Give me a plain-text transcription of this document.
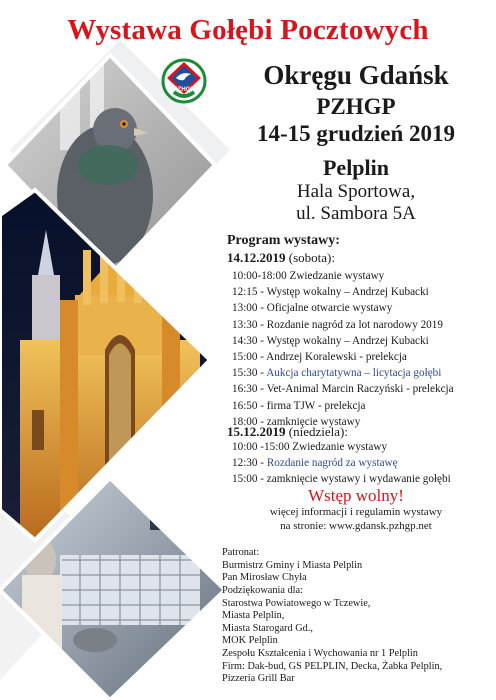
Wystawa Gołębi Pocztowych
PZHGP	Okręgu Gdańsk
PZHGP
14-15 grudzień 2019
Pelplin
Hala Sportowa,
ul. Sambora 5A
Program wystawy:
14.12.2019 (sobota):
10:00-18:00 Zwiedzanie wystawy
12:15 - Występ wokalny – Andrzej Kubacki
13:00 - Oficjalne otwarcie wystawy
13:30 - Rozdanie nagród za lot narodowy 2019
14:30 - Występ wokalny – Andrzej Kubacki
15:00 - Andrzej Koralewski - prelekcja
15:30 - Aukcja charytatywna – licytacja gołębi
16:30 - Vet-Animal Marcin Raczyński - prelekcja
16:50 - firma TJW - prelekcja
18:00 - zamknięcie wystawy
15.12.2019 (niedziela):
10:00 -15:00 Zwiedzanie wystawy
12:30 - Rozdanie nagród za wystawę
15:00 - zamknięcie wystawy i wydawanie gołębi
Wstęp wolny!
więcej informacji i regulamin wystawy
na stronie: www.gdansk.pzhgp.net
Patronat:
Burmistrz Gminy i Miasta Pelplin
Pan Mirosław Chyła
Podziękowania dla:
Starostwa Powiatowego w Tczewie,
Miasta Pelplin,
Miasta Starogard Gd.,
MOK Pelplin
Zespołu Kształcenia i Wychowania nr 1 Pelplin
Firm: Dak-bud, GS PELPLIN, Decka, Żabka Pelplin,
Pizzeria Grill Bar
